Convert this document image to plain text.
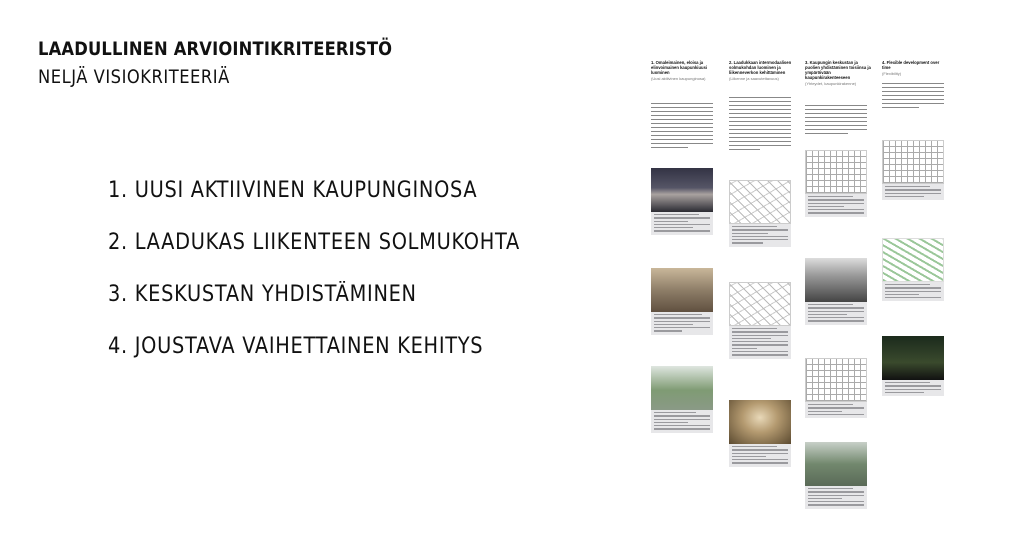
LAADULLINEN ARVIOINTIKRITEERISTÖ
NELJÄ VISIOKRITEERIÄ
1. UUSI AKTIIVINEN KAUPUNGINOSA
2. LAADUKAS LIIKENTEEN SOLMUKOHTA
3. KESKUSTAN YHDISTÄMINEN
4. JOUSTAVA VAIHETTAINEN KEHITYS
1. Omaleimainen, eloisa ja elinvoimainen kaupunkiuusi luominen
(Uusi aktiivinen kaupunginosa)
2. Laadukkaan intermodaalisen solmukohdan luominen ja liikenneverkon kehittäminen
(Liikenne ja saavutettavuus)
3. Kaupungin keskustan ja puolien yhdistäminen toisiinsa ja ympäröivään kaupunkirakenteeseen
(Yhteydet, kaupunkirakenne)
4. Flexible development over time
(Flexibility)
